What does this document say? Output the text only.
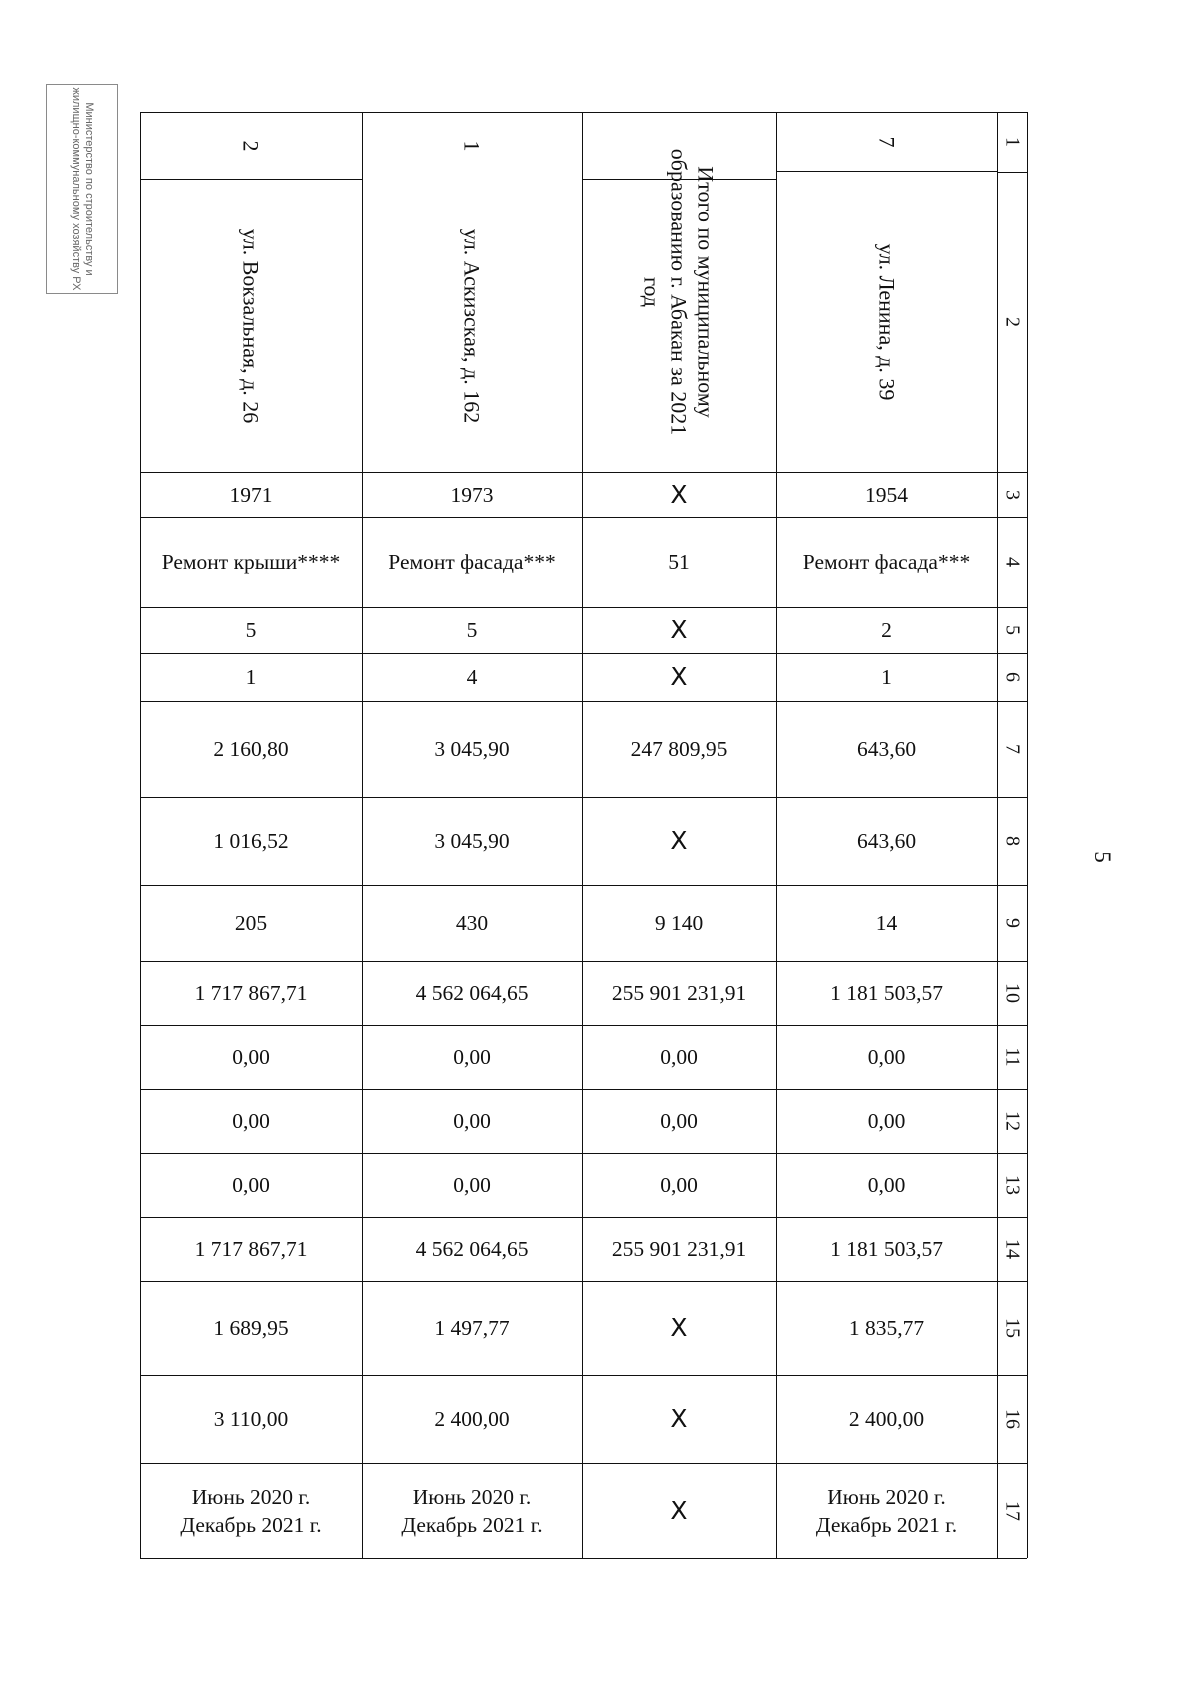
Министерство по строительству и жилищно-коммунальному хозяйству РХ
5
2
ул. Вокзальная, д. 26
1971
Ремонт крыши****
5
1
2 160,80
1 016,52
205
1 717 867,71
0,00
0,00
0,00
1 717 867,71
1 689,95
3 110,00
Июнь 2020 г.
Декабрь 2021 г.
1
ул. Аскизская, д. 162
1973
Ремонт фасада***
5
4
3 045,90
3 045,90
430
4 562 064,65
0,00
0,00
0,00
4 562 064,65
1 497,77
2 400,00
Июнь 2020 г.
Декабрь 2021 г.
Итого по муниципальному образованию г. Абакан за 2021 год
X
51
X
X
247 809,95
X
9 140
255 901 231,91
0,00
0,00
0,00
255 901 231,91
X
X
X
7
ул. Ленина, д. 39
1954
Ремонт фасада***
2
1
643,60
643,60
14
1 181 503,57
0,00
0,00
0,00
1 181 503,57
1 835,77
2 400,00
Июнь 2020 г.
Декабрь 2021 г.
1
2
3
4
5
6
7
8
9
10
11
12
13
14
15
16
17
